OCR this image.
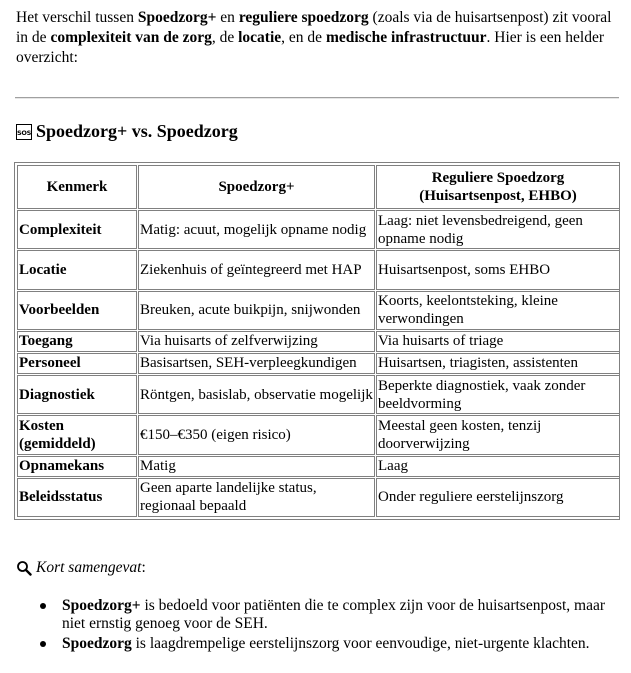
Het verschil tussen Spoedzorg+ en reguliere spoedzorg (zoals via de huisartsenpost) zit vooral in de complexiteit van de zorg, de locatie, en de medische infrastructuur. Hier is een helder overzicht:

SOS Spoedzorg+ vs. Spoedzorg
Kenmerk	Spoedzorg+	Reguliere Spoedzorg (Huisartsenpost, EHBO)
Complexiteit	Matig: acuut, mogelijk opname nodig	Laag: niet levensbedreigend, geen opname nodig
Locatie	Ziekenhuis of geïntegreerd met HAP	Huisartsenpost, soms EHBO
Voorbeelden	Breuken, acute buikpijn, snijwonden	Koorts, keelontsteking, kleine verwondingen
Toegang	Via huisarts of zelfverwijzing	Via huisarts of triage
Personeel	Basisartsen, SEH-verpleegkundigen	Huisartsen, triagisten, assistenten
Diagnostiek	Röntgen, basislab, observatie mogelijk	Beperkte diagnostiek, vaak zonder beeldvorming
Kosten (gemiddeld)	€150–€350 (eigen risico)	Meestal geen kosten, tenzij doorverwijzing
Opnamekans	Matig	Laag
Beleidsstatus	Geen aparte landelijke status, regionaal bepaald	Onder reguliere eerstelijnszorg

Kort samengevat :

Spoedzorg+ is bedoeld voor patiënten die te complex zijn voor de huisartsenpost, maar niet ernstig genoeg voor de SEH.
Spoedzorg is laagdrempelige eerstelijnszorg voor eenvoudige, niet-urgente klachten.
